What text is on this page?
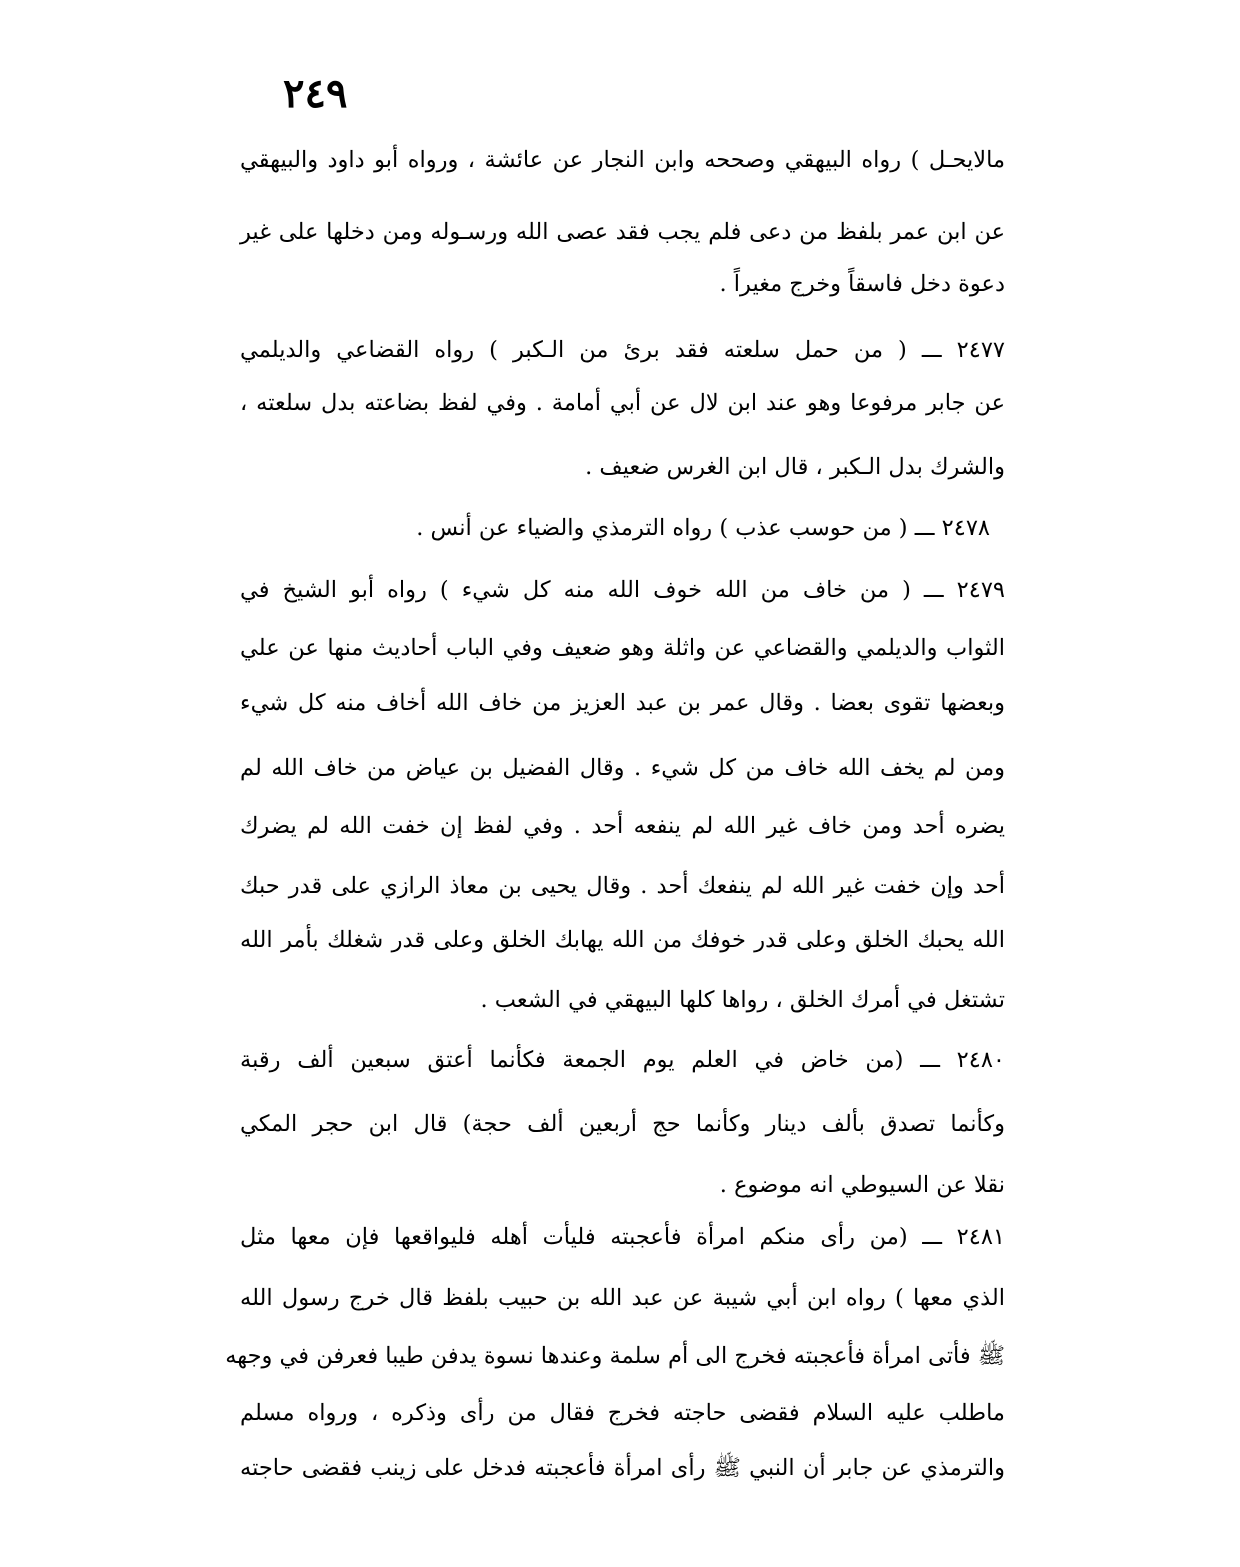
٢٤٩
مالايحـل ) رواه البيهقي وصححه وابن النجار عن عائشة ، ورواه أبو داود والبيهقي
عن ابن عمر بلفظ من دعى فلم يجب فقد عصى الله ورسـوله ومن دخلها على غير
دعوة دخل فاسقاً وخرج مغيراً .
٢٤٧٧ ـــ ( من حمل سلعته فقد برئ من الـكبر ) رواه القضاعي والديلمي
عن جابر مرفوعا وهو عند ابن لال عن أبي أمامة . وفي لفظ بضاعته بدل سلعته ،
والشرك بدل الـكبر ، قال ابن الغرس ضعيف .
٢٤٧٨ ـــ ( من حوسب عذب ) رواه الترمذي والضياء عن أنس .
٢٤٧٩ ـــ ( من خاف من الله خوف الله منه كل شيء ) رواه أبو الشيخ في
الثواب والديلمي والقضاعي عن واثلة وهو ضعيف وفي الباب أحاديث منها عن علي
وبعضها تقوى بعضا . وقال عمر بن عبد العزيز من خاف الله أخاف منه كل شيء
ومن لم يخف الله خاف من كل شيء . وقال الفضيل بن عياض من خاف الله لم
يضره أحد ومن خاف غير الله لم ينفعه أحد . وفي لفظ إن خفت الله لم يضرك
أحد وإن خفت غير الله لم ينفعك أحد . وقال يحيى بن معاذ الرازي على قدر حبك
الله يحبك الخلق وعلى قدر خوفك من الله يهابك الخلق وعلى قدر شغلك بأمر الله
تشتغل في أمرك الخلق ، رواها كلها البيهقي في الشعب .
٢٤٨٠ ـــ (من خاض في العلم يوم الجمعة فكأنما أعتق سبعين ألف رقبة
وكأنما تصدق بألف دينار وكأنما حج أربعين ألف حجة) قال ابن حجر المكي
نقلا عن السيوطي انه موضوع .
٢٤٨١ ـــ (من رأى منكم امرأة فأعجبته فليأت أهله فليواقعها فإن معها مثل
الذي معها ) رواه ابن أبي شيبة عن عبد الله بن حبيب بلفظ قال خرج رسول الله
ﷺ فأتى امرأة فأعجبته فخرج الى أم سلمة وعندها نسوة يدفن طيبا فعرفن في وجهه
ماطلب عليه السلام فقضى حاجته فخرج فقال من رأى وذكره ، ورواه مسلم
والترمذي عن جابر أن النبي ﷺ رأى امرأة فأعجبته فدخل على زينب فقضى حاجته
